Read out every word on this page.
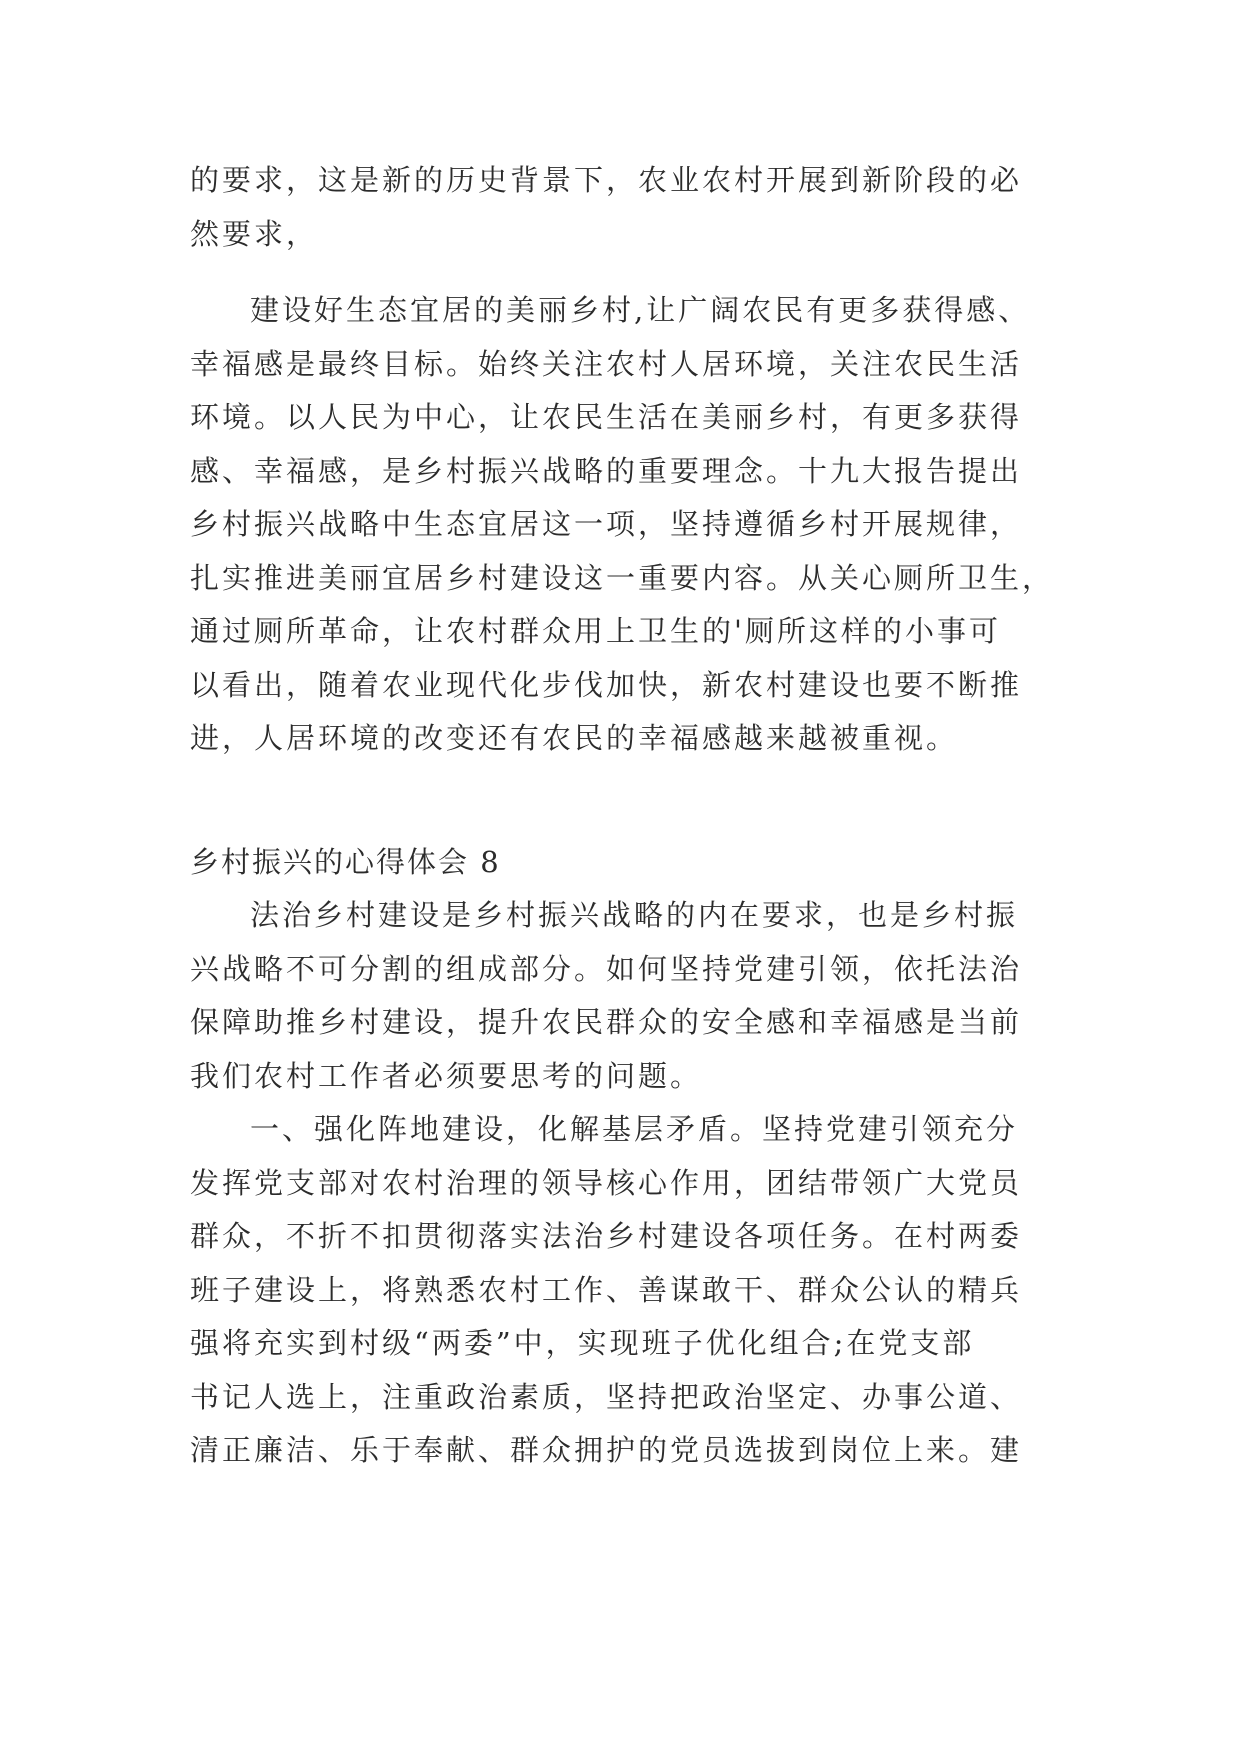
的要求，这是新的历史背景下，农业农村开展到新阶段的必
然要求，
建设好生态宜居的美丽乡村,让广阔农民有更多获得感、
幸福感是最终目标。始终关注农村人居环境，关注农民生活
环境。以人民为中心，让农民生活在美丽乡村，有更多获得
感、幸福感，是乡村振兴战略的重要理念。十九大报告提出
乡村振兴战略中生态宜居这一项，坚持遵循乡村开展规律，
扎实推进美丽宜居乡村建设这一重要内容。从关心厕所卫生，
通过厕所革命，让农村群众用上卫生的'厕所这样的小事可
以看出，随着农业现代化步伐加快，新农村建设也要不断推
进，人居环境的改变还有农民的幸福感越来越被重视。
乡村振兴的心得体会 8
法治乡村建设是乡村振兴战略的内在要求，也是乡村振
兴战略不可分割的组成部分。如何坚持党建引领，依托法治
保障助推乡村建设，提升农民群众的安全感和幸福感是当前
我们农村工作者必须要思考的问题。
一、强化阵地建设，化解基层矛盾。坚持党建引领充分
发挥党支部对农村治理的领导核心作用，团结带领广大党员
群众，不折不扣贯彻落实法治乡村建设各项任务。在村两委
班子建设上，将熟悉农村工作、善谋敢干、群众公认的精兵
强将充实到村级“两委”中，实现班子优化组合;在党支部
书记人选上，注重政治素质，坚持把政治坚定、办事公道、
清正廉洁、乐于奉献、群众拥护的党员选拔到岗位上来。建
